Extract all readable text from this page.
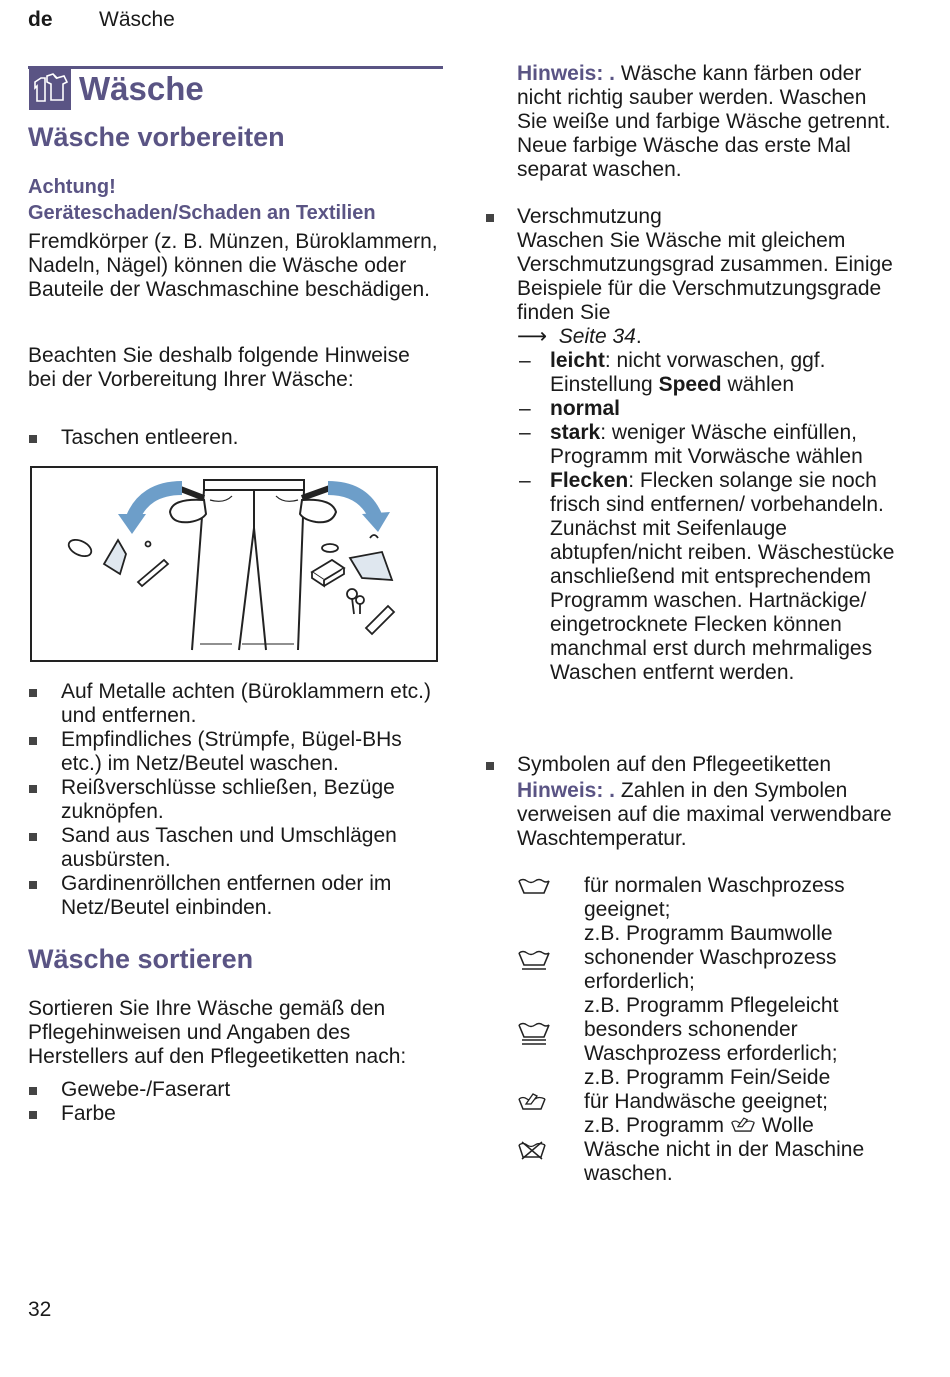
de Wäsche
Wäsche
Wäsche vorbereiten
Achtung!
Geräteschaden/Schaden an Textilien
Fremdkörper (z. B. Münzen, Büroklammern, Nadeln, Nägel) können die Wäsche oder Bauteile der Waschmaschine beschädigen.
Beachten Sie deshalb folgende Hinweise bei der Vorbereitung Ihrer Wäsche:
Taschen entleeren.
Auf Metalle achten (Büroklammern etc.) und entfernen.
Empfindliches (Strümpfe, Bügel-BHs etc.) im Netz/Beutel waschen.
Reißverschlüsse schließen, Bezüge zuknöpfen.
Sand aus Taschen und Umschlägen ausbürsten.
Gardinenröllchen entfernen oder im Netz/Beutel einbinden.
Wäsche sortieren
Sortieren Sie Ihre Wäsche gemäß den Pflegehinweisen und Angaben des Herstellers auf den Pflegeetiketten nach:
Gewebe-/Faserart
Farbe
Hinweis: . Wäsche kann färben oder nicht richtig sauber werden. Waschen Sie weiße und farbige Wäsche getrennt.
Neue farbige Wäsche das erste Mal separat waschen.
Verschmutzung
Waschen Sie Wäsche mit gleichem Verschmutzungsgrad zusammen. Einige Beispiele für die Verschmutzungsgrade finden Sie
⟶ Seite 34.
– leicht: nicht vorwaschen, ggf. Einstellung Speed wählen
– normal
– stark: weniger Wäsche einfüllen, Programm mit Vorwäsche wählen
– Flecken: Flecken solange sie noch frisch sind entfernen/ vorbehandeln. Zunächst mit Seifenlauge abtupfen/nicht reiben. Wäschestücke anschließend mit entsprechendem Programm waschen. Hartnäckige/ eingetrocknete Flecken können manchmal erst durch mehrmaliges Waschen entfernt werden.
Symbolen auf den Pflegeetiketten
Hinweis: . Zahlen in den Symbolen verweisen auf die maximal verwendbare Waschtemperatur.
für normalen Waschprozess geeignet;
z.B. Programm Baumwolle
schonender Waschprozess erforderlich;
z.B. Programm Pflegeleicht
besonders schonender Waschprozess erforderlich;
z.B. Programm Fein/Seide
für Handwäsche geeignet;
z.B. Programm  Wolle
Wäsche nicht in der Maschine waschen.
32
